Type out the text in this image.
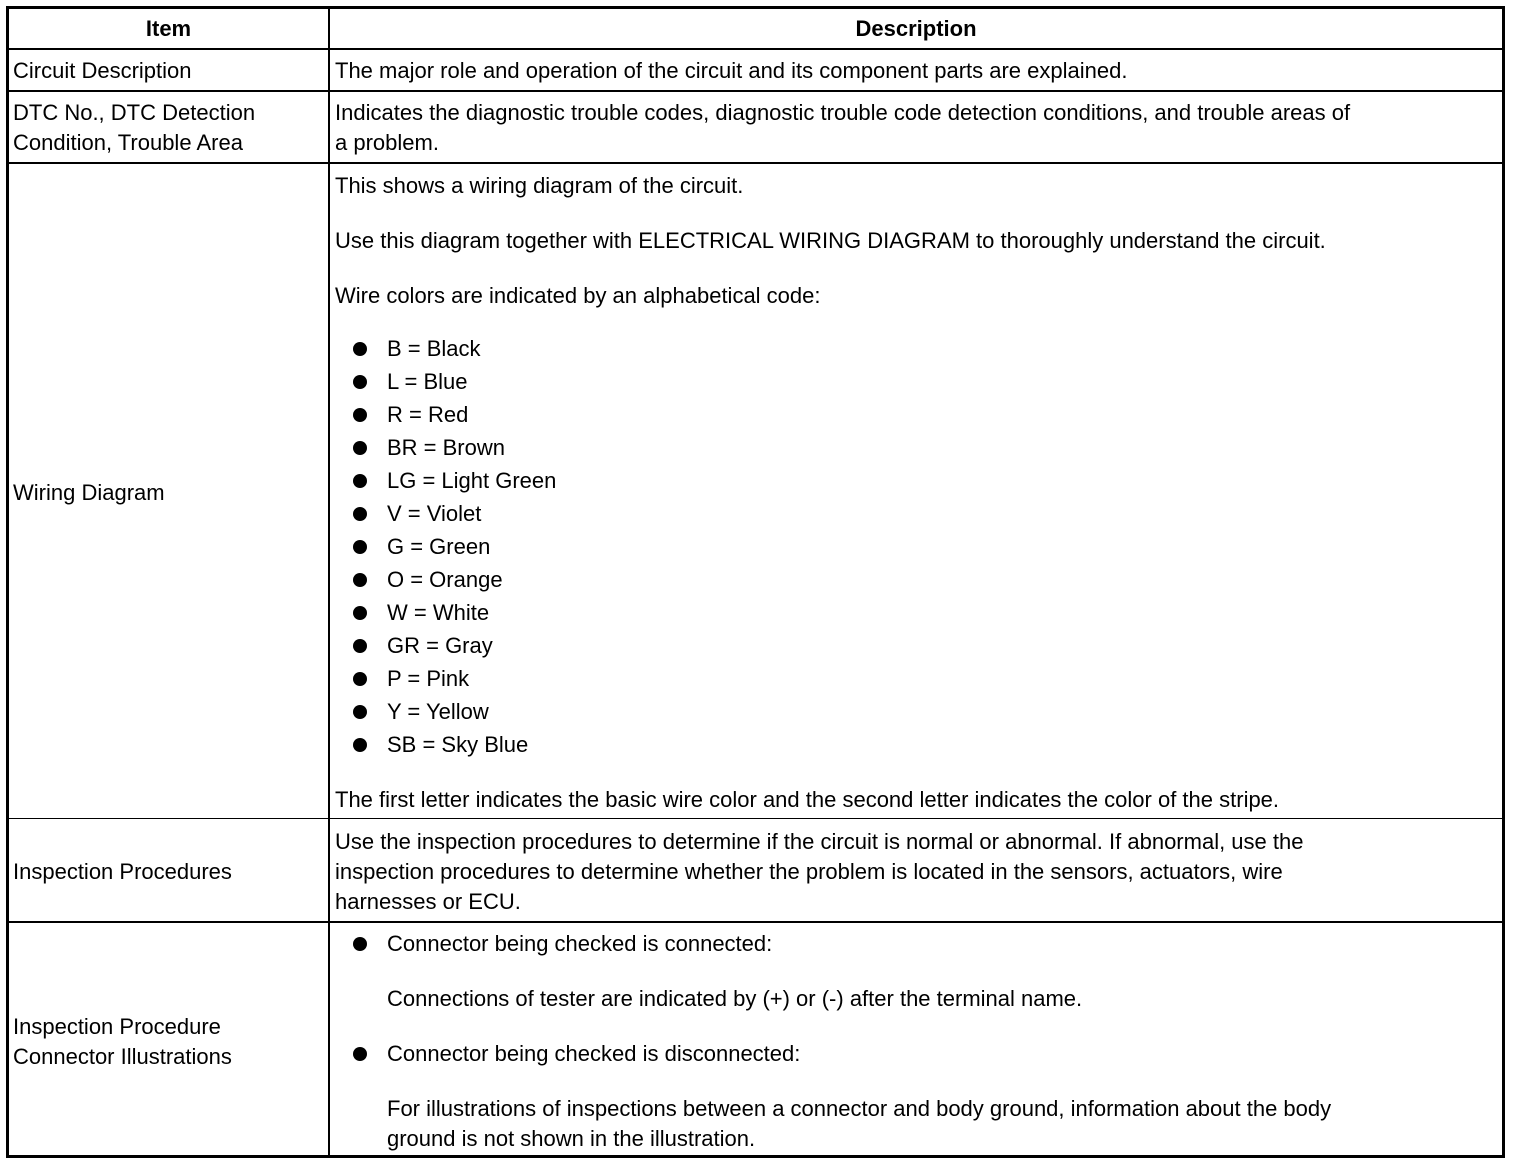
Item	Description
Circuit Description	The major role and operation of the circuit and its component parts are explained.
DTC No., DTC Detection
Condition, Trouble Area
Indicates the diagnostic trouble codes, diagnostic trouble code detection conditions, and trouble areas of
a problem.
Wiring Diagram
This shows a wiring diagram of the circuit.
Use this diagram together with ELECTRICAL WIRING DIAGRAM to thoroughly understand the circuit.
Wire colors are indicated by an alphabetical code:
B = Black
L = Blue
R = Red
BR = Brown
LG = Light Green
V = Violet
G = Green
O = Orange
W = White
GR = Gray
P = Pink
Y = Yellow
SB = Sky Blue
The first letter indicates the basic wire color and the second letter indicates the color of the stripe.
Inspection Procedures
Use the inspection procedures to determine if the circuit is normal or abnormal. If abnormal, use the
inspection procedures to determine whether the problem is located in the sensors, actuators, wire
harnesses or ECU.
Inspection Procedure
Connector Illustrations
Connector being checked is connected:
Connections of tester are indicated by (+) or (-) after the terminal name.
Connector being checked is disconnected:
For illustrations of inspections between a connector and body ground, information about the body
ground is not shown in the illustration.
